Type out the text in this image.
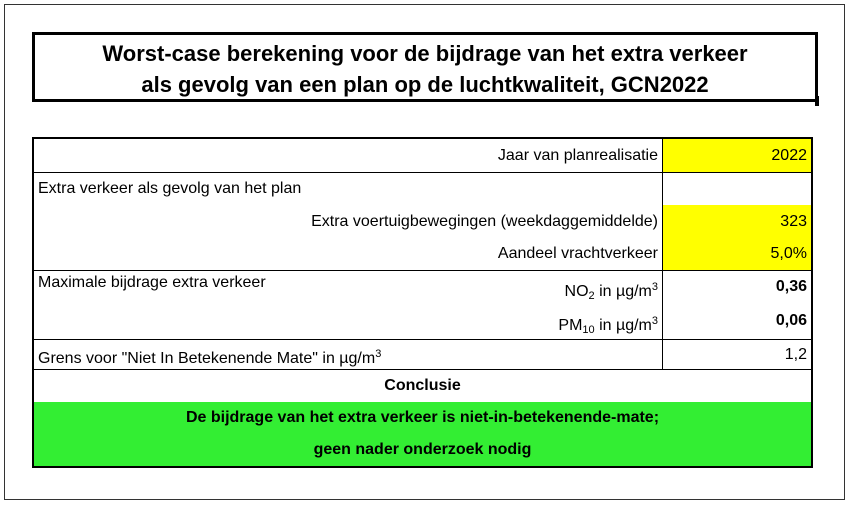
Worst-case berekening voor de bijdrage van het extra verkeer
als gevolg van een plan op de luchtkwaliteit, GCN2022
Jaar van planrealisatie	2022
Extra verkeer als gevolg van het plan
Extra voertuigbewegingen (weekdaggemiddelde)	323
Aandeel vrachtverkeer	5,0%
Maximale bijdrage extra verkeer
$NO_2$ in $\mu g/m^3$	0,36
$PM_{10}$ in $\mu g/m^3$	0,06
Grens voor "Niet In Betekenende Mate" in $\mu g/m^3$	1,2
Conclusie
De bijdrage van het extra verkeer is niet-in-betekenende-mate;
geen nader onderzoek nodig
